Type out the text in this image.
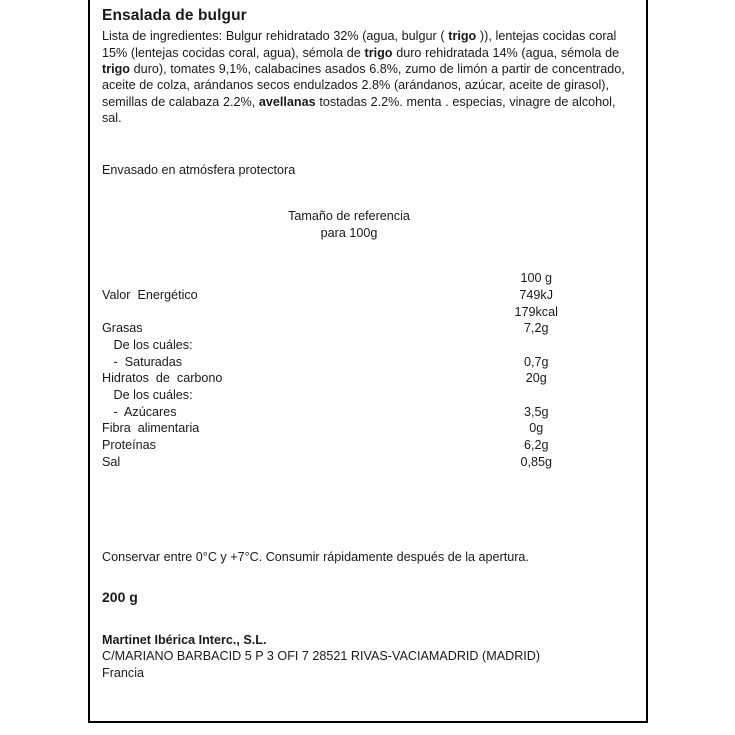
Ensalada de bulgur

Lista de ingredientes: Bulgur rehidratado 32% (agua, bulgur ( trigo )), lentejas cocidas coral 15% (lentejas cocidas coral, agua), sémola de trigo duro rehidratada 14% (agua, sémola de trigo duro), tomates 9,1%, calabacines asados 6.8%, zumo de limón a partir de concentrado, aceite de colza, arándanos secos endulzados 2.8% (arándanos, azúcar, aceite de girasol), semillas de calabaza 2.2%, avellanas tostadas 2.2%. menta . especias, vinagre de alcohol, sal.

Envasado en atmósfera protectora

Tamaño de referencia
para 100g
	100 g
Valor  Energético	749kJ
	179kcal
Grasas	7,2g
De los cuáles:	
-  Saturadas	0,7g
Hidratos  de  carbono	20g
De los cuáles:	
-  Azúcares	3,5g
Fibra  alimentaria	0g
Proteínas	6,2g
Sal	0,85g

Conservar entre 0°C y +7°C. Consumir rápidamente después de la apertura.

200 g

Martinet Ibérica Interc., S.L.

C/MARIANO BARBACID 5 P 3 OFI 7 28521 RIVAS-VACIAMADRID (MADRID)

Francia
